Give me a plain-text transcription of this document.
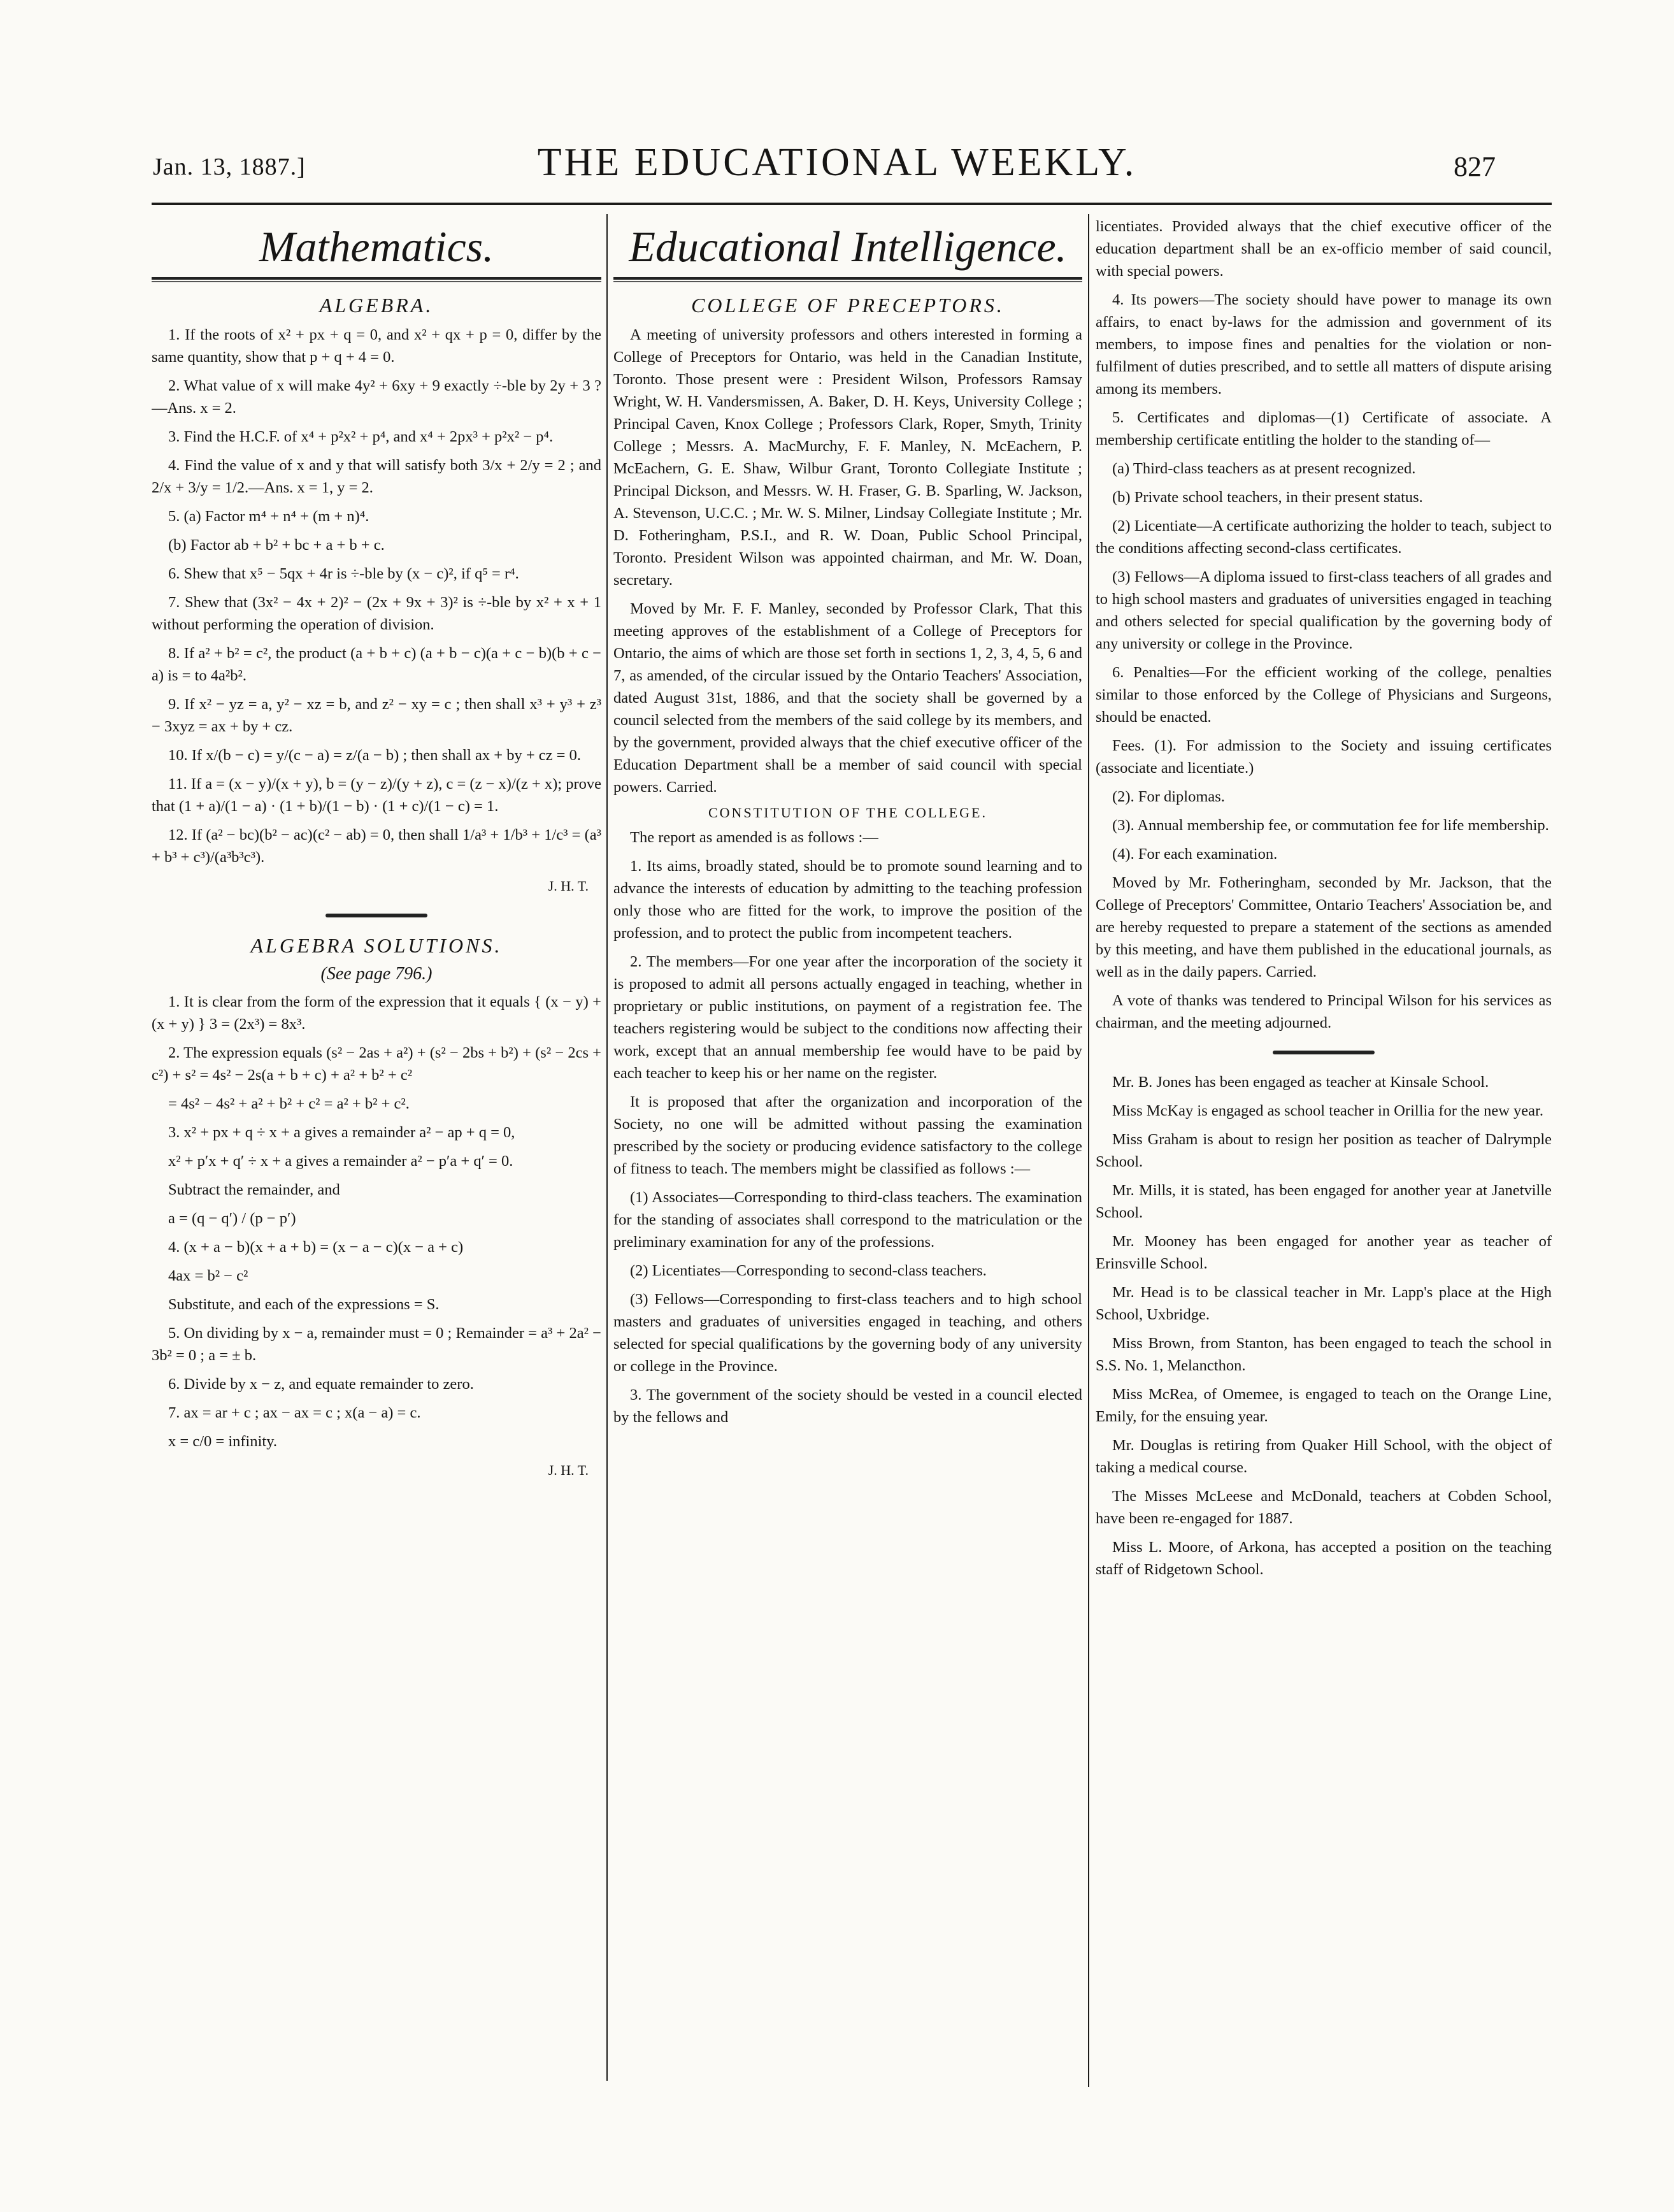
Jan. 13, 1887.]	THE EDUCATIONAL WEEKLY.	827
Mathematics.
ALGEBRA.

1. If the roots of x² + px + q = 0, and x² + qx + p = 0, differ by the same quantity, show that p + q + 4 = 0.

2. What value of x will make 4y² + 6xy + 9 exactly ÷-ble by 2y + 3 ?—Ans. x = 2.

3. Find the H.C.F. of x⁴ + p²x² + p⁴, and x⁴ + 2px³ + p²x² − p⁴.

4. Find the value of x and y that will satisfy both 3/x + 2/y = 2 ; and 2/x + 3/y = 1/2.—Ans. x = 1, y = 2.

5. (a) Factor m⁴ + n⁴ + (m + n)⁴.

(b) Factor ab + b² + bc + a + b + c.

6. Shew that x⁵ − 5qx + 4r is ÷-ble by (x − c)², if q⁵ = r⁴.

7. Shew that (3x² − 4x + 2)² − (2x + 9x + 3)² is ÷-ble by x² + x + 1 without performing the operation of division.

8. If a² + b² = c², the product (a + b + c) (a + b − c)(a + c − b)(b + c − a) is = to 4a²b².

9. If x² − yz = a, y² − xz = b, and z² − xy = c ; then shall x³ + y³ + z³ − 3xyz = ax + by + cz.

10. If x/(b − c) = y/(c − a) = z/(a − b) ; then shall ax + by + cz = 0.

11. If a = (x − y)/(x + y), b = (y − z)/(y + z), c = (z − x)/(z + x); prove that (1 + a)/(1 − a) · (1 + b)/(1 − b) · (1 + c)/(1 − c) = 1.

12. If (a² − bc)(b² − ac)(c² − ab) = 0, then shall 1/a³ + 1/b³ + 1/c³ = (a³ + b³ + c³)/(a³b³c³).

J. H. T.

ALGEBRA SOLUTIONS.
(See page 796.)

1. It is clear from the form of the expression that it equals { (x − y) + (x + y) } 3 = (2x³) = 8x³.

2. The expression equals (s² − 2as + a²) + (s² − 2bs + b²) + (s² − 2cs + c²) + s² = 4s² − 2s(a + b + c) + a² + b² + c²

= 4s² − 4s² + a² + b² + c² = a² + b² + c².

3. x² + px + q ÷ x + a gives a remainder a² − ap + q = 0,

x² + p′x + q′ ÷ x + a gives a remainder a² − p′a + q′ = 0.

Subtract the remainder, and

a = (q − q′) / (p − p′)

4. (x + a − b)(x + a + b) = (x − a − c)(x − a + c)

4ax = b² − c²

Substitute, and each of the expressions = S.

5. On dividing by x − a, remainder must = 0 ; Remainder = a³ + 2a² − 3b² = 0 ; a = ± b.

6. Divide by x − z, and equate remainder to zero.

7. ax = ar + c ; ax − ax = c ; x(a − a) = c.

x = c/0 = infinity.

J. H. T.

Educational Intelligence.
COLLEGE OF PRECEPTORS.

A meeting of university professors and others interested in forming a College of Preceptors for Ontario, was held in the Canadian Institute, Toronto. Those present were : President Wilson, Professors Ramsay Wright, W. H. Vandersmissen, A. Baker, D. H. Keys, University College ; Principal Caven, Knox College ; Professors Clark, Roper, Smyth, Trinity College ; Messrs. A. MacMurchy, F. F. Manley, N. McEachern, P. McEachern, G. E. Shaw, Wilbur Grant, Toronto Collegiate Institute ; Principal Dickson, and Messrs. W. H. Fraser, G. B. Sparling, W. Jackson, A. Stevenson, U.C.C. ; Mr. W. S. Milner, Lindsay Collegiate Institute ; Mr. D. Fotheringham, P.S.I., and R. W. Doan, Public School Principal, Toronto. President Wilson was appointed chairman, and Mr. W. Doan, secretary.

Moved by Mr. F. F. Manley, seconded by Professor Clark, That this meeting approves of the establishment of a College of Preceptors for Ontario, the aims of which are those set forth in sections 1, 2, 3, 4, 5, 6 and 7, as amended, of the circular issued by the Ontario Teachers' Association, dated August 31st, 1886, and that the society shall be governed by a council selected from the members of the said college by its members, and by the government, provided always that the chief executive officer of the Education Department shall be a member of said council with special powers. Carried.

CONSTITUTION OF THE COLLEGE.

The report as amended is as follows :—

1. Its aims, broadly stated, should be to promote sound learning and to advance the interests of education by admitting to the teaching profession only those who are fitted for the work, to improve the position of the profession, and to protect the public from incompetent teachers.

2. The members—For one year after the incorporation of the society it is proposed to admit all persons actually engaged in teaching, whether in proprietary or public institutions, on payment of a registration fee. The teachers registering would be subject to the conditions now affecting their work, except that an annual membership fee would have to be paid by each teacher to keep his or her name on the register.

It is proposed that after the organization and incorporation of the Society, no one will be admitted without passing the examination prescribed by the society or producing evidence satisfactory to the college of fitness to teach. The members might be classified as follows :—

(1) Associates—Corresponding to third-class teachers. The examination for the standing of associates shall correspond to the matriculation or the preliminary examination for any of the professions.

(2) Licentiates—Corresponding to second-class teachers.

(3) Fellows—Corresponding to first-class teachers and to high school masters and graduates of universities engaged in teaching, and others selected for special qualifications by the governing body of any university or college in the Province.

3. The government of the society should be vested in a council elected by the fellows and

licentiates. Provided always that the chief executive officer of the education department shall be an ex-officio member of said council, with special powers.

4. Its powers—The society should have power to manage its own affairs, to enact by-laws for the admission and government of its members, to impose fines and penalties for the violation or non-fulfilment of duties prescribed, and to settle all matters of dispute arising among its members.

5. Certificates and diplomas—(1) Certificate of associate. A membership certificate entitling the holder to the standing of—

(a) Third-class teachers as at present recognized.

(b) Private school teachers, in their present status.

(2) Licentiate—A certificate authorizing the holder to teach, subject to the conditions affecting second-class certificates.

(3) Fellows—A diploma issued to first-class teachers of all grades and to high school masters and graduates of universities engaged in teaching and others selected for special qualification by the governing body of any university or college in the Province.

6. Penalties—For the efficient working of the college, penalties similar to those enforced by the College of Physicians and Surgeons, should be enacted.

Fees. (1). For admission to the Society and issuing certificates (associate and licentiate.)

(2). For diplomas.

(3). Annual membership fee, or commutation fee for life membership.

(4). For each examination.

Moved by Mr. Fotheringham, seconded by Mr. Jackson, that the College of Preceptors' Committee, Ontario Teachers' Association be, and are hereby requested to prepare a statement of the sections as amended by this meeting, and have them published in the educational journals, as well as in the daily papers. Carried.

A vote of thanks was tendered to Principal Wilson for his services as chairman, and the meeting adjourned.

Mr. B. Jones has been engaged as teacher at Kinsale School.

Miss McKay is engaged as school teacher in Orillia for the new year.

Miss Graham is about to resign her position as teacher of Dalrymple School.

Mr. Mills, it is stated, has been engaged for another year at Janetville School.

Mr. Mooney has been engaged for another year as teacher of Erinsville School.

Mr. Head is to be classical teacher in Mr. Lapp's place at the High School, Uxbridge.

Miss Brown, from Stanton, has been engaged to teach the school in S.S. No. 1, Melancthon.

Miss McRea, of Omemee, is engaged to teach on the Orange Line, Emily, for the ensuing year.

Mr. Douglas is retiring from Quaker Hill School, with the object of taking a medical course.

The Misses McLeese and McDonald, teachers at Cobden School, have been re-engaged for 1887.

Miss L. Moore, of Arkona, has accepted a position on the teaching staff of Ridgetown School.
